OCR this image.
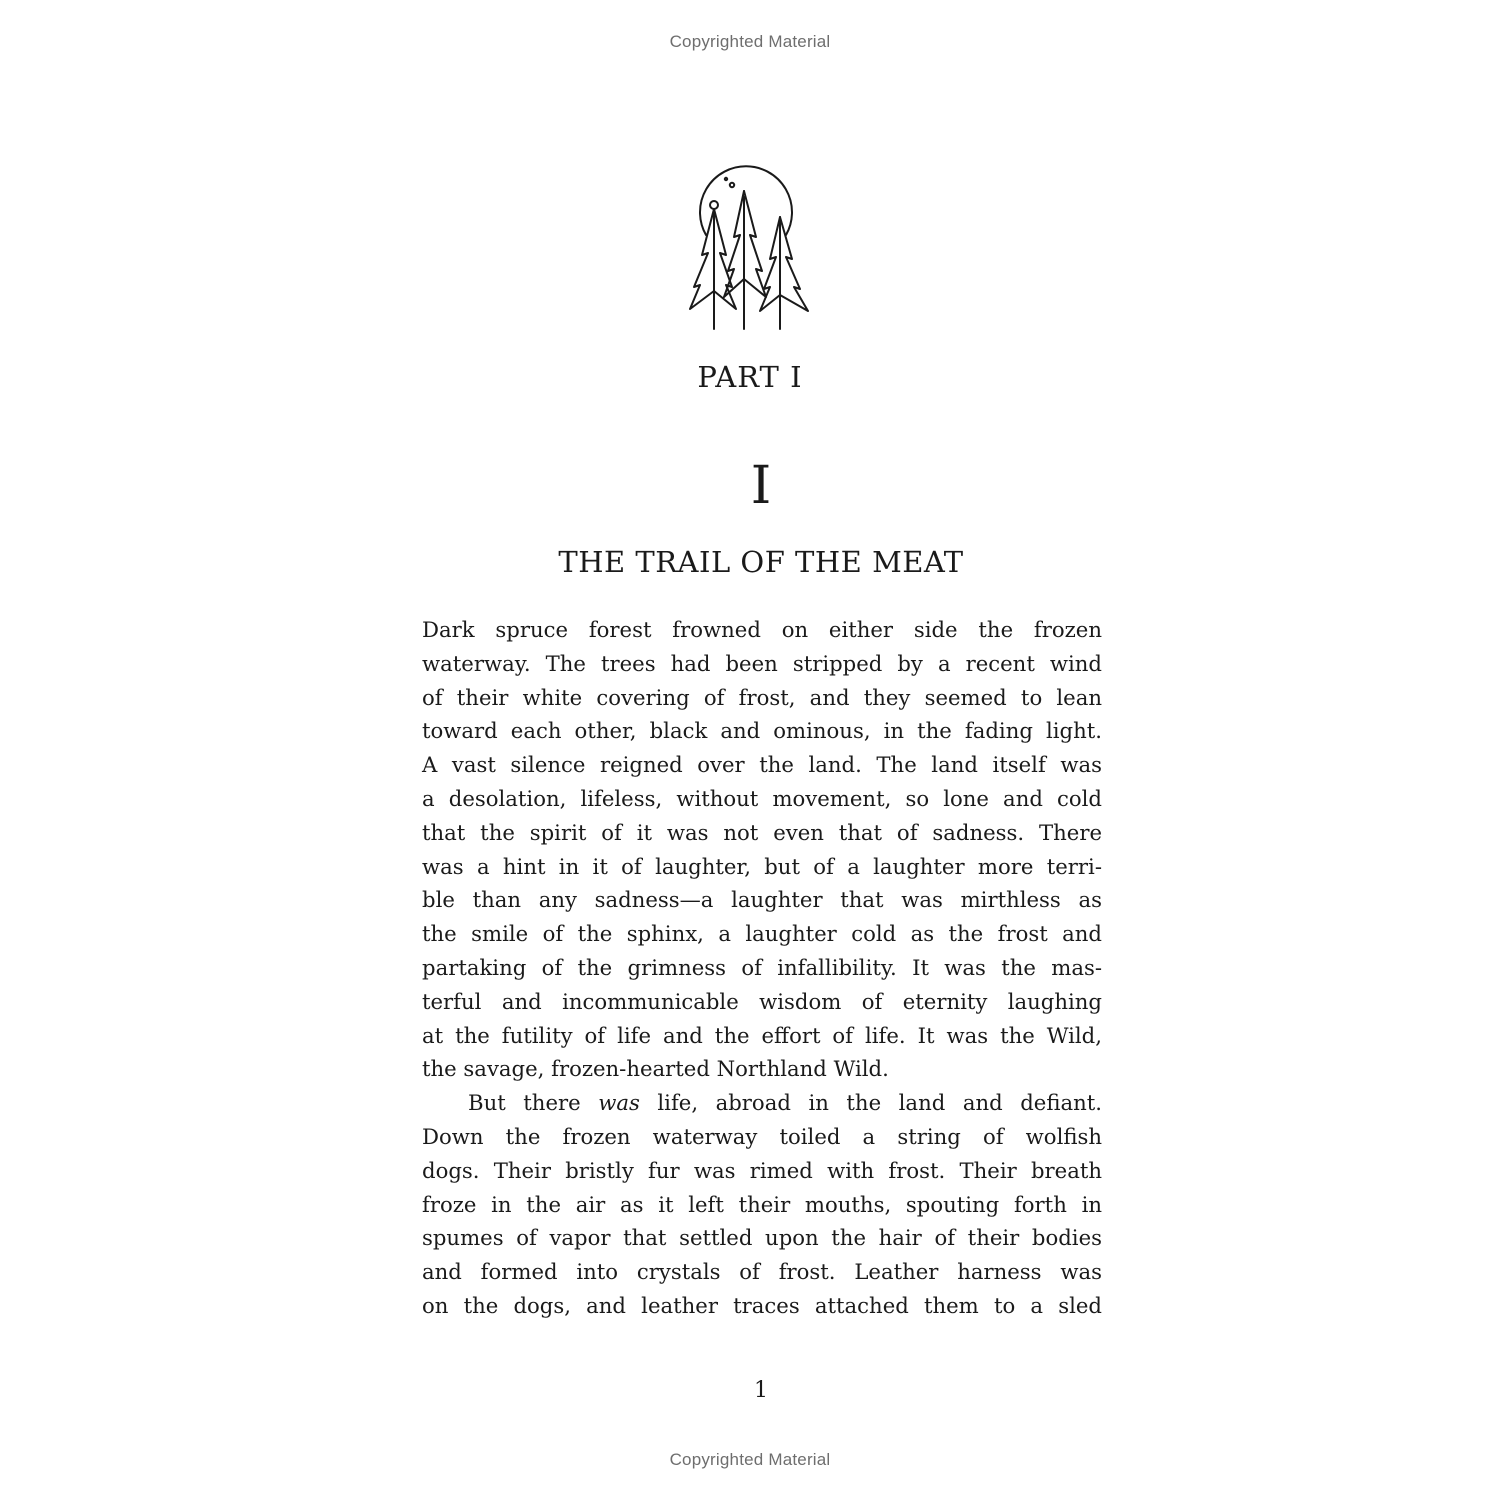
Copyrighted Material
PART I
I
THE TRAIL OF THE MEAT
Dark spruce forest frowned on either side the frozen
waterway. The trees had been stripped by a recent wind
of their white covering of frost, and they seemed to lean
toward each other, black and ominous, in the fading light.
A vast silence reigned over the land. The land itself was
a desolation, lifeless, without movement, so lone and cold
that the spirit of it was not even that of sadness. There
was a hint in it of laughter, but of a laughter more terri-
ble than any sadness—a laughter that was mirthless as
the smile of the sphinx, a laughter cold as the frost and
partaking of the grimness of infallibility. It was the mas-
terful and incommunicable wisdom of eternity laughing
at the futility of life and the effort of life. It was the Wild,
the savage, frozen-hearted Northland Wild.
But there was life, abroad in the land and defiant.
Down the frozen waterway toiled a string of wolfish
dogs. Their bristly fur was rimed with frost. Their breath
froze in the air as it left their mouths, spouting forth in
spumes of vapor that settled upon the hair of their bodies
and formed into crystals of frost. Leather harness was
on the dogs, and leather traces attached them to a sled
1
Copyrighted Material
